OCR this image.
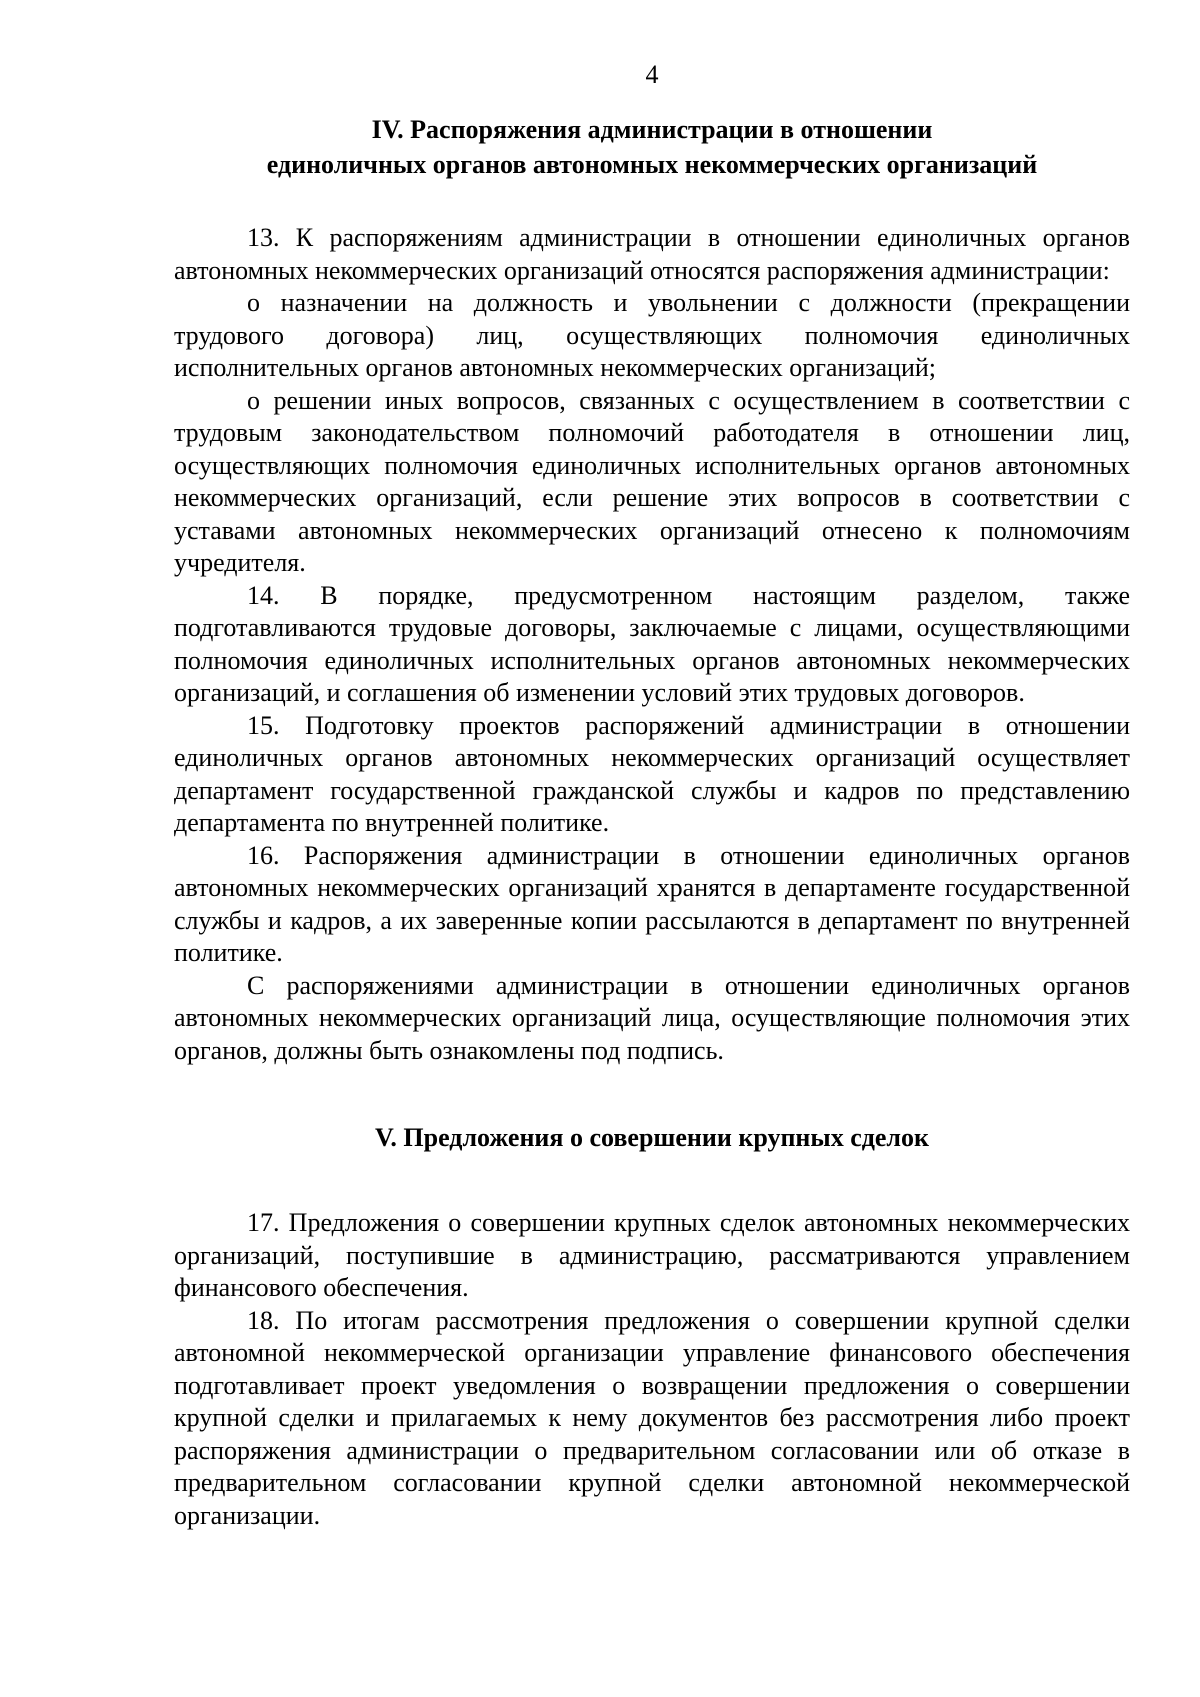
4
IV. Распоряжения администрации в отношении
единоличных органов автономных некоммерческих организаций

13. К распоряжениям администрации в отношении единоличных органов автономных некоммерческих организаций относятся распоряжения администрации:

о назначении на должность и увольнении с должности (прекращении трудового договора) лиц, осуществляющих полномочия единоличных исполнительных органов автономных некоммерческих организаций;

о решении иных вопросов, связанных с осуществлением в соответствии с трудовым законодательством полномочий работодателя в отношении лиц, осуществляющих полномочия единоличных исполнительных органов автономных некоммерческих организаций, если решение этих вопросов в соответствии с уставами автономных некоммерческих организаций отнесено к полномочиям учредителя.

14. В порядке, предусмотренном настоящим разделом, также подготавливаются трудовые договоры, заключаемые с лицами, осуществляющими полномочия единоличных исполнительных органов автономных некоммерческих организаций, и соглашения об изменении условий этих трудовых договоров.

15. Подготовку проектов распоряжений администрации в отношении единоличных органов автономных некоммерческих организаций осуществляет департамент государственной гражданской службы и кадров по представлению департамента по внутренней политике.

16. Распоряжения администрации в отношении единоличных органов автономных некоммерческих организаций хранятся в департаменте государственной службы и кадров, а их заверенные копии рассылаются в департамент по внутренней политике.

С распоряжениями администрации в отношении единоличных органов автономных некоммерческих организаций лица, осуществляющие полномочия этих органов, должны быть ознакомлены под подпись.

V. Предложения о совершении крупных сделок

17. Предложения о совершении крупных сделок автономных некоммерческих организаций, поступившие в администрацию, рассматриваются управлением финансового обеспечения.

18. По итогам рассмотрения предложения о совершении крупной сделки автономной некоммерческой организации управление финансового обеспечения подготавливает проект уведомления о возвращении предложения о совершении крупной сделки и прилагаемых к нему документов без рассмотрения либо проект распоряжения администрации о предварительном согласовании или об отказе в предварительном согласовании крупной сделки автономной некоммерческой организации.
